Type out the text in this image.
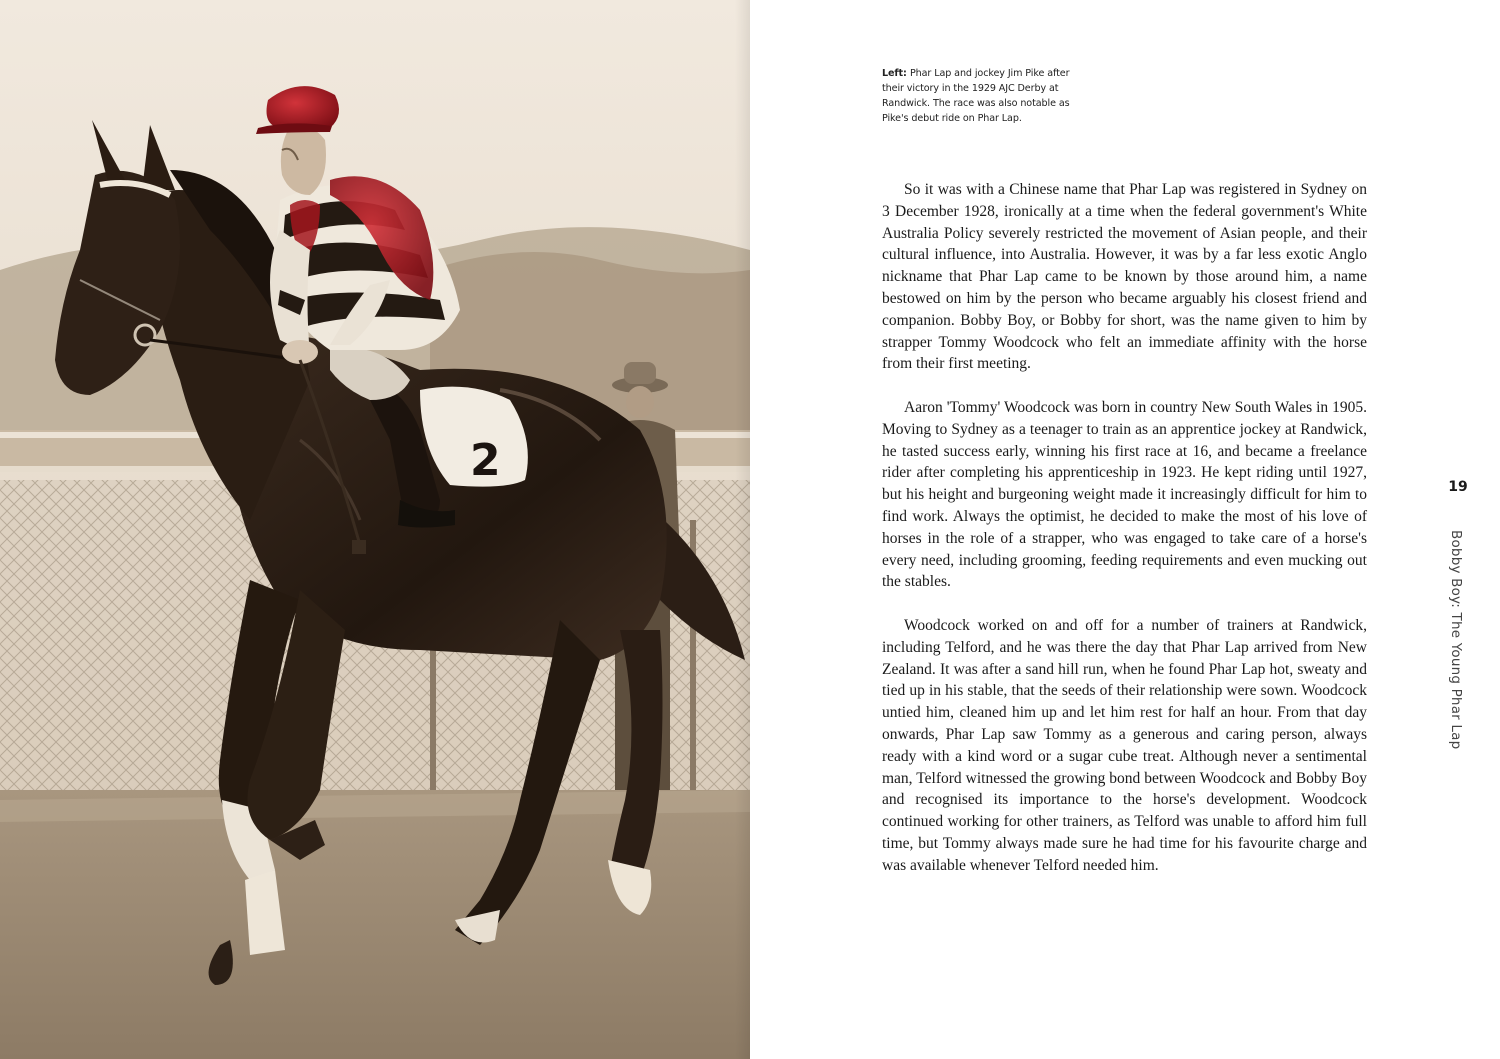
2
Left: Phar Lap and jockey Jim Pike after their victory in the 1929 AJC Derby at Randwick. The race was also notable as Pike's debut ride on Phar Lap.

So it was with a Chinese name that Phar Lap was registered in Sydney on 3 December 1928, ironically at a time when the federal government's White Australia Policy severely restricted the movement of Asian people, and their cultural influence, into Australia. However, it was by a far less exotic Anglo nickname that Phar Lap came to be known by those around him, a name bestowed on him by the person who became arguably his closest friend and companion. Bobby Boy, or Bobby for short, was the name given to him by strapper Tommy Woodcock who felt an immediate affinity with the horse from their first meeting.

Aaron 'Tommy' Woodcock was born in country New South Wales in 1905. Moving to Sydney as a teenager to train as an apprentice jockey at Randwick, he tasted success early, winning his first race at 16, and became a freelance rider after completing his apprenticeship in 1923. He kept riding until 1927, but his height and burgeoning weight made it increasingly difficult for him to find work. Always the optimist, he decided to make the most of his love of horses in the role of a strapper, who was engaged to take care of a horse's every need, including grooming, feeding requirements and even mucking out the stables.

Woodcock worked on and off for a number of trainers at Randwick, including Telford, and he was there the day that Phar Lap arrived from New Zealand. It was after a sand hill run, when he found Phar Lap hot, sweaty and tied up in his stable, that the seeds of their relationship were sown. Woodcock untied him, cleaned him up and let him rest for half an hour. From that day onwards, Phar Lap saw Tommy as a generous and caring person, always ready with a kind word or a sugar cube treat. Although never a sentimental man, Telford witnessed the growing bond between Woodcock and Bobby Boy and recognised its importance to the horse's development. Woodcock continued working for other trainers, as Telford was unable to afford him full time, but Tommy always made sure he had time for his favourite charge and was available whenever Telford needed him.

19
Bobby Boy: The Young Phar Lap
